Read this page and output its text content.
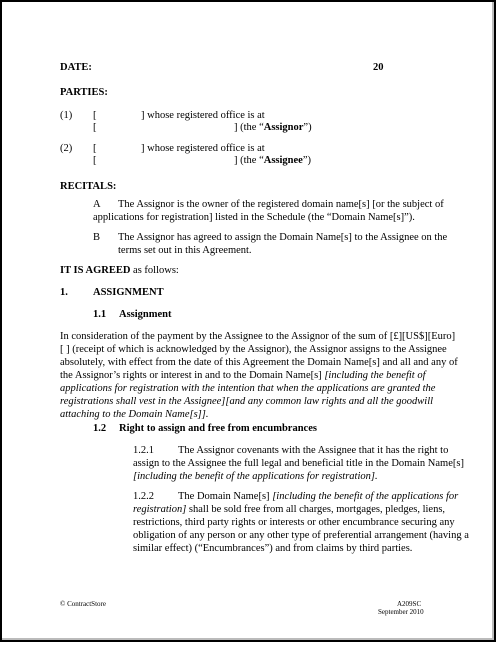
DATE:	20
PARTIES:
(1) [	] whose registered office is at
[	] (the “Assignor”)
(2) [	] whose registered office is at
[	] (the “Assignee”)
RECITALS:
A The Assignor is the owner of the registered domain name[s] [or the subject of
applications for registration] listed in the Schedule (the “Domain Name[s]”).
B The Assignor has agreed to assign the Domain Name[s] to the Assignee on the
terms set out in this Agreement.
IT IS AGREED as follows:
1. ASSIGNMENT
1.1 Assignment
In consideration of the payment by the Assignee to the Assignor of the sum of [£][US$][Euro]
[ ] (receipt of which is acknowledged by the Assignor), the Assignor assigns to the Assignee
absolutely, with effect from the date of this Agreement the Domain Name[s] and all and any of
the Assignor’s rights or interest in and to the Domain Name[s] [including the benefit of
applications for registration with the intention that when the applications are granted the
registrations shall vest in the Assignee][and any common law rights and all the goodwill
attaching to the Domain Name[s]].
1.2 Right to assign and free from encumbrances
1.2.1 The Assignor covenants with the Assignee that it has the right to
assign to the Assignee the full legal and beneficial title in the Domain Name[s]
[including the benefit of the applications for registration].
1.2.2 The Domain Name[s] [including the benefit of the applications for
registration] shall be sold free from all charges, mortgages, pledges, liens,
restrictions, third party rights or interests or other encumbrance securing any
obligation of any person or any other type of preferential arrangement (having a
similar effect) (“Encumbrances”) and from claims by third parties.
© ContractStore	A209SC
September 2010
